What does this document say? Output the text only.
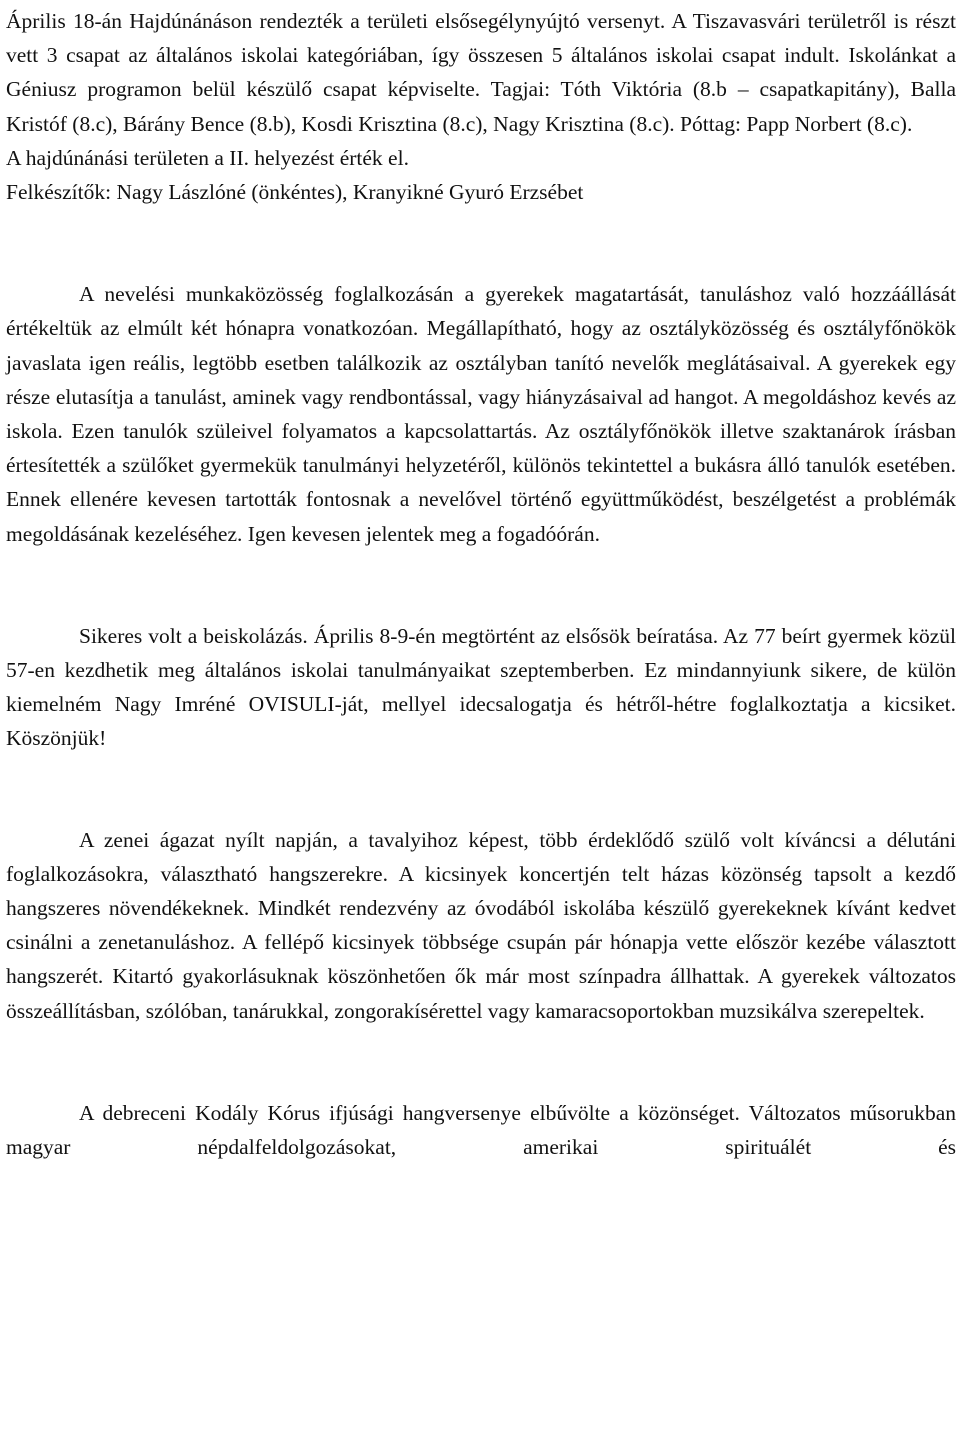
Április 18-án Hajdúnánáson rendezték a területi elsősegélynyújtó versenyt. A Tiszavasvári területről is részt vett 3 csapat az általános iskolai kategóriában, így összesen 5 általános iskolai csapat indult. Iskolánkat a Géniusz programon belül készülő csapat képviselte. Tagjai: Tóth Viktória (8.b – csapatkapitány), Balla Kristóf (8.c), Bárány Bence (8.b), Kosdi Krisztina (8.c), Nagy Krisztina (8.c). Póttag: Papp Norbert (8.c).
A hajdúnánási területen a II. helyezést érték el.
Felkészítők: Nagy Lászlóné (önkéntes), Kranyikné Gyuró Erzsébet

A nevelési munkaközösség foglalkozásán a gyerekek magatartását, tanuláshoz való hozzáállását értékeltük az elmúlt két hónapra vonatkozóan. Megállapítható, hogy az osztályközösség és osztályfőnökök javaslata igen reális, legtöbb esetben találkozik az osztályban tanító nevelők meglátásaival. A gyerekek egy része elutasítja a tanulást, aminek vagy rendbontással, vagy hiányzásaival ad hangot. A megoldáshoz kevés az iskola. Ezen tanulók szüleivel folyamatos a kapcsolattartás. Az osztályfőnökök illetve szaktanárok írásban értesítették a szülőket gyermekük tanulmányi helyzetéről, különös tekintettel a bukásra álló tanulók esetében. Ennek ellenére kevesen tartották fontosnak a nevelővel történő együttműködést, beszélgetést a problémák megoldásának kezeléséhez. Igen kevesen jelentek meg a fogadóórán.

Sikeres volt a beiskolázás. Április 8-9-én megtörtént az elsősök beíratása. Az 77 beírt gyermek közül 57-en kezdhetik meg általános iskolai tanulmányaikat szeptemberben. Ez mindannyiunk sikere, de külön kiemelném Nagy Imréné OVISULI-ját, mellyel idecsalogatja és hétről-hétre foglalkoztatja a kicsiket. Köszönjük!

A zenei ágazat nyílt napján, a tavalyihoz képest, több érdeklődő szülő volt kíváncsi a délutáni foglalkozásokra, választható hangszerekre. A kicsinyek koncertjén telt házas közönség tapsolt a kezdő hangszeres növendékeknek. Mindkét rendezvény az óvodából iskolába készülő gyerekeknek kívánt kedvet csinálni a zenetanuláshoz. A fellépő kicsinyek többsége csupán pár hónapja vette először kezébe választott hangszerét. Kitartó gyakorlásuknak köszönhetően ők már most színpadra állhattak. A gyerekek változatos összeállításban, szólóban, tanárukkal, zongorakísérettel vagy kamaracsoportokban muzsikálva szerepeltek.

A debreceni Kodály Kórus ifjúsági hangversenye elbűvölte a közönséget. Változatos műsorukban magyar népdalfeldolgozásokat, amerikai spirituálét és
